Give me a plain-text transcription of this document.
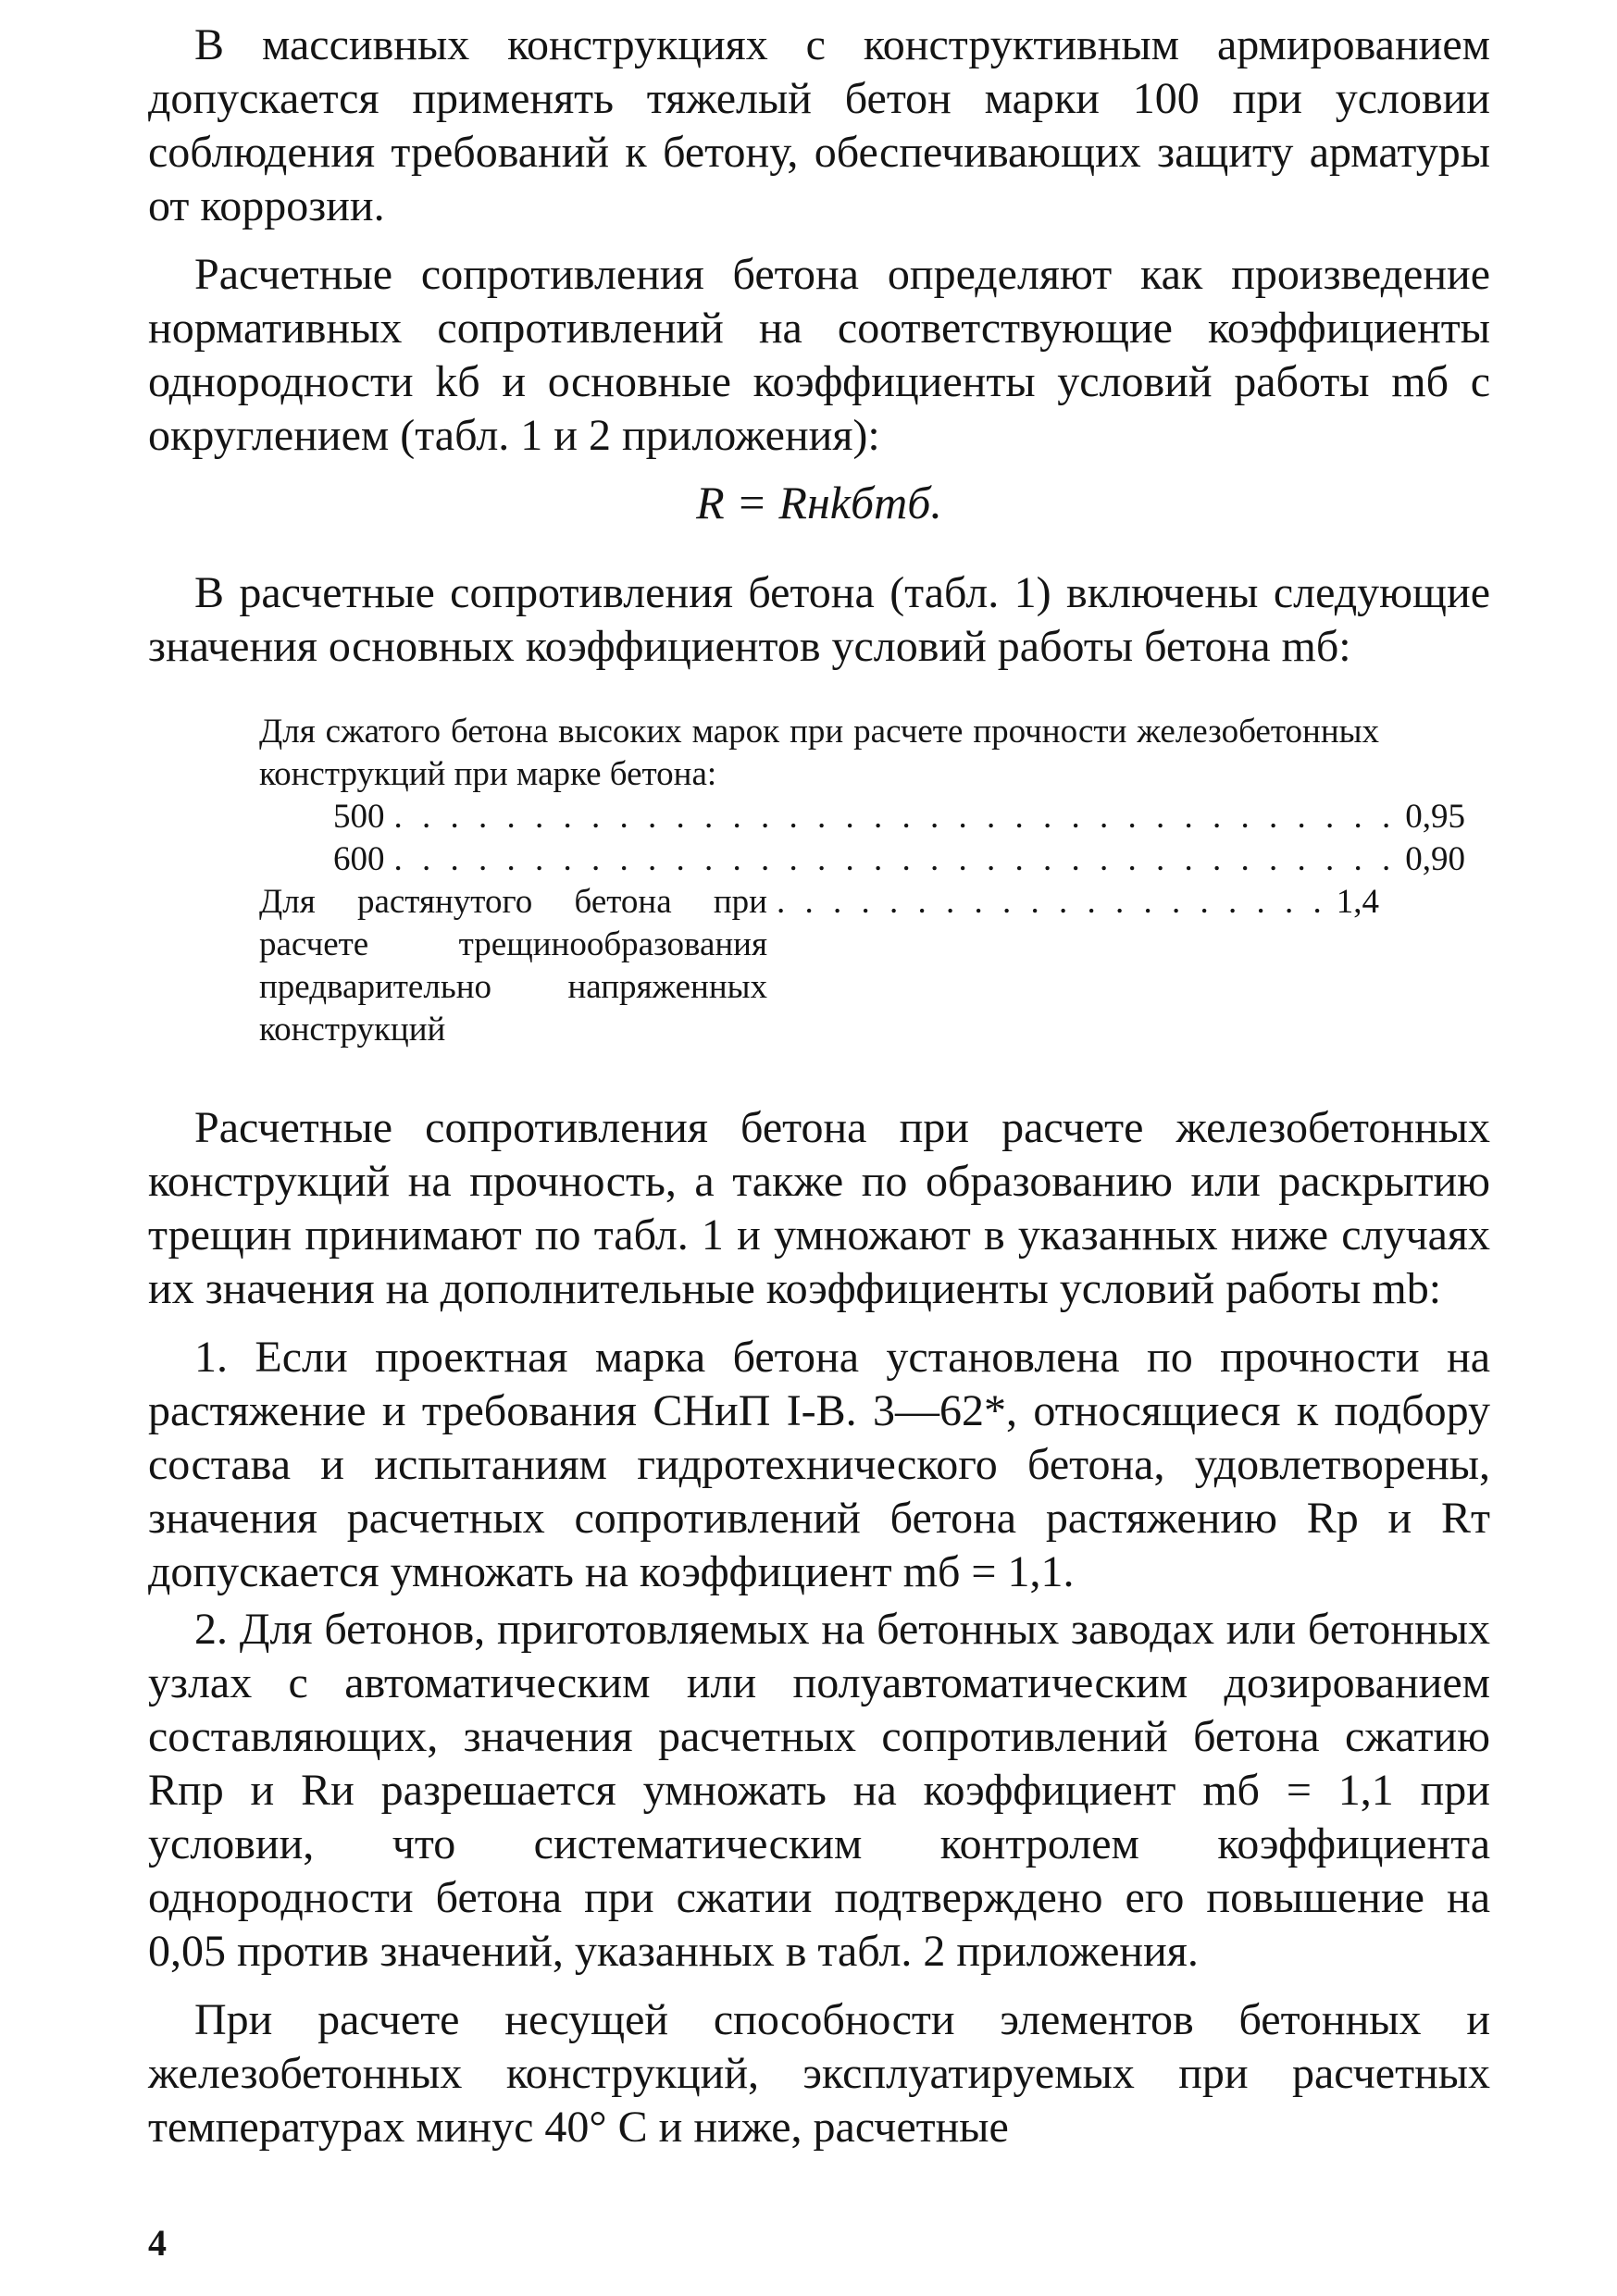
В массивных конструкциях с конструктивным армированием допускается применять тяжелый бетон марки 100 при условии соблюдения требований к бетону, обеспечивающих защиту арматуры от коррозии.

Расчетные сопротивления бетона определяют как произведение нормативных сопротивлений на соответствующие коэффициенты однородности kб и основные коэффициенты условий работы mб с округлением (табл. 1 и 2 приложения):

R = Rнkбmб.

В расчетные сопротивления бетона (табл. 1) включены следующие значения основных коэффициентов условий работы бетона mб:

Для сжатого бетона высоких марок при расчете прочности железобетонных конструкций при марке бетона:

500 . . . . . . . . . . . . . . . . . . . . . . . . . . . . . . . . . . . . 0,95
600 . . . . . . . . . . . . . . . . . . . . . . . . . . . . . . . . . . . . 0,90
Для растянутого бетона при расчете трещинообразования предварительно напряженных конструкций
. . . . . . . . . . . . . . . . . . . . 1,4

Расчетные сопротивления бетона при расчете железобетонных конструкций на прочность, а также по образованию или раскрытию трещин принимают по табл. 1 и умножают в указанных ниже случаях их значения на дополнительные коэффициенты условий работы mb:

1. Если проектная марка бетона установлена по прочности на растяжение и требования СНиП I-В. 3—62*, относящиеся к подбору состава и испытаниям гидротехнического бетона, удовлетворены, значения расчетных сопротивлений бетона растяжению Rр и Rт допускается умножать на коэффициент mб = 1,1.

2. Для бетонов, приготовляемых на бетонных заводах или бетонных узлах с автоматическим или полуавтоматическим дозированием составляющих, значения расчетных сопротивлений бетона сжатию Rпр и Rи разрешается умножать на коэффициент mб = 1,1 при условии, что систематическим контролем коэффициента однородности бетона при сжатии подтверждено его повышение на 0,05 против значений, указанных в табл. 2 приложения.

При расчете несущей способности элементов бетонных и железобетонных конструкций, эксплуатируемых при расчетных температурах минус 40° С и ниже, расчетные

4
